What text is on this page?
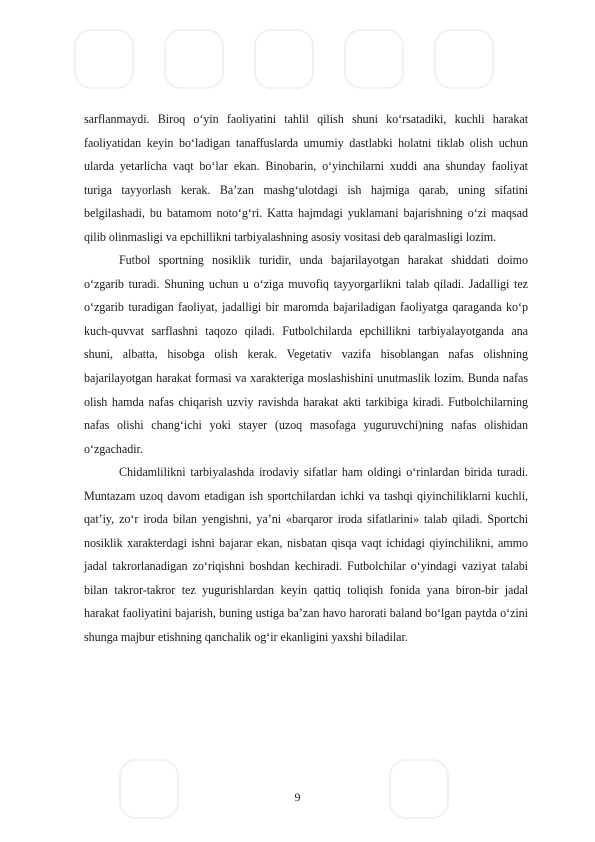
sarflanmaydi. Biroq o‘yin faoliyatini tahlil qilish shuni ko‘rsatadiki, kuchli harakat faoliyatidan keyin bo‘ladigan tanaffuslarda umumiy dastlabki holatni tiklab olish uchun ularda yetarlicha vaqt bo‘lar ekan. Binobarin, o‘yinchilarni xuddi ana shunday faoliyat turiga tayyorlash kerak. Ba’zan mashg‘ulotdagi ish hajmiga qarab, uning sifatini belgilashadi, bu batamom noto‘g‘ri. Katta hajmdagi yuklamani bajarishning o‘zi maqsad qilib olinmasligi va epchillikni tarbiyalashning asosiy vositasi deb qaralmasligi lozim.

Futbol sportning nosiklik turidir, unda bajarilayotgan harakat shiddati doimo o‘zgarib turadi. Shuning uchun u o‘ziga muvofiq tayyorgarlikni talab qiladi. Jadalligi tez o‘zgarib turadigan faoliyat, jadalligi bir maromda bajariladigan faoliyatga qaraganda ko‘p kuch-quvvat sarflashni taqozo qiladi. Futbolchilarda epchillikni tarbiyalayotganda ana shuni, albatta, hisobga olish kerak. Vegetativ vazifa hisoblangan nafas olishning bajarilayotgan harakat formasi va xarakteriga moslashishini unutmaslik lozim. Bunda nafas olish hamda nafas chiqarish uzviy ravishda harakat akti tarkibiga kiradi. Futbolchilarning nafas olishi chang‘ichi yoki stayer (uzoq masofaga yuguruvchi)ning nafas olishidan o‘zgachadir.

Chidamlilikni tarbiyalashda irodaviy sifatlar ham oldingi o‘rinlardan birida turadi. Muntazam uzoq davom etadigan ish sportchilardan ichki va tashqi qiyinchiliklarni kuchli, qat’iy, zo‘r iroda bilan yengishni, ya’ni «barqaror iroda sifatlarini» talab qiladi. Sportchi nosiklik xarakterdagi ishni bajarar ekan, nisbatan qisqa vaqt ichidagi qiyinchilikni, ammo jadal takrorlanadigan zo‘riqishni boshdan kechiradi. Futbolchilar o‘yindagi vaziyat talabi bilan takror-takror tez yugurishlardan keyin qattiq toliqish fonida yana biron-bir jadal harakat faoliyatini bajarish, buning ustiga ba’zan havo harorati baland bo‘lgan paytda o‘zini shunga majbur etishning qanchalik og‘ir ekanligini yaxshi biladilar.

9
